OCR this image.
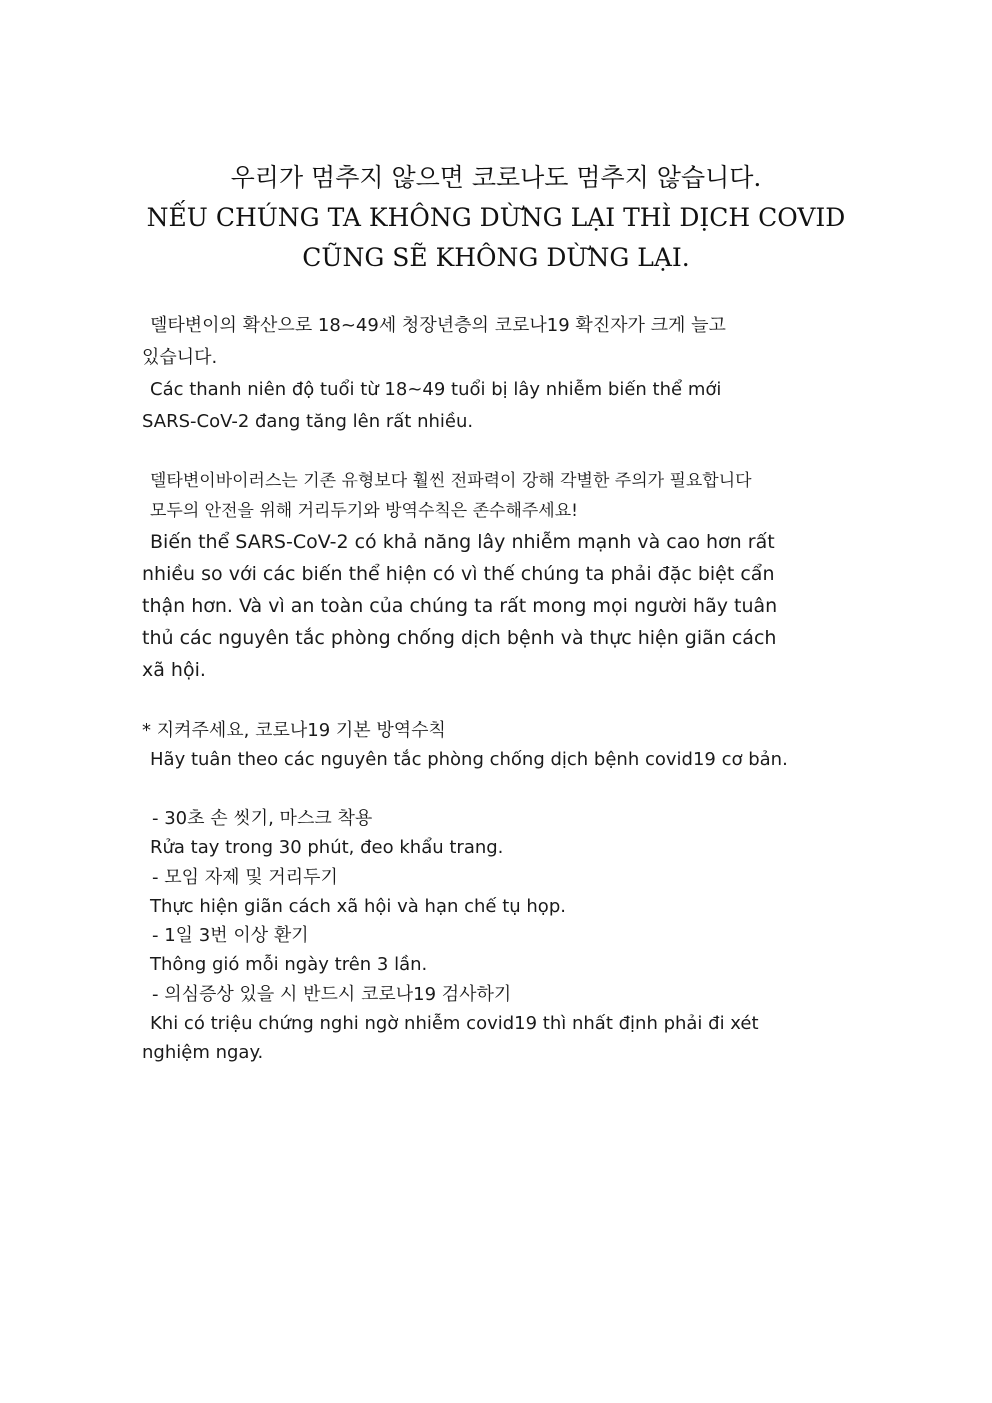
우리가 멈추지 않으면 코로나도 멈추지 않습니다.
NẾU CHÚNG TA KHÔNG DỪNG LẠI THÌ DỊCH COVID
CŨNG SẼ KHÔNG DỪNG LẠI.
델타변이의 확산으로 18~49세 청장년층의 코로나19 확진자가 크게 늘고
있습니다.
Các thanh niên độ tuổi từ 18~49 tuổi bị lây nhiễm biến thể mới
SARS-CoV-2 đang tăng lên rất nhiều.
델타변이바이러스는 기존 유형보다 훨씬 전파력이 강해 각별한 주의가 필요합니다
모두의 안전을 위해 거리두기와 방역수칙은 존수해주세요!
Biến thể SARS-CoV-2 có khả năng lây nhiễm mạnh và cao hơn rất
nhiều so với các biến thể hiện có vì thế chúng ta phải đặc biệt cẩn
thận hơn. Và vì an toàn của chúng ta rất mong mọi người hãy tuân
thủ các nguyên tắc phòng chống dịch bệnh và thực hiện giãn cách
xã hội.
* 지켜주세요, 코로나19 기본 방역수칙
Hãy tuân theo các nguyên tắc phòng chống dịch bệnh covid19 cơ bản.
- 30초 손 씻기, 마스크 착용
Rửa tay trong 30 phút, đeo khẩu trang.
- 모임 자제 및 거리두기
Thực hiện giãn cách xã hội và hạn chế tụ họp.
- 1일 3번 이상 환기
Thông gió mỗi ngày trên 3 lần.
- 의심증상 있을 시 반드시 코로나19 검사하기
Khi có triệu chứng nghi ngờ nhiễm covid19 thì nhất định phải đi xét
nghiệm ngay.
